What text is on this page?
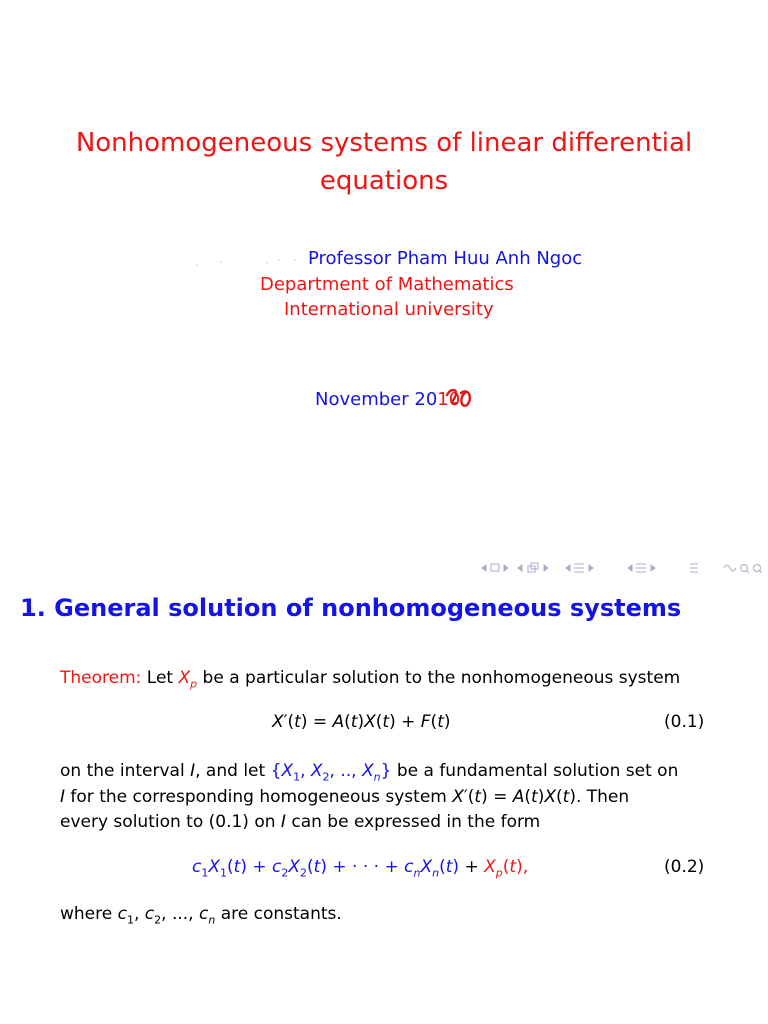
Nonhomogeneous systems of linear differential
equations
Professor Pham Huu Anh Ngoc
Department of Mathematics
International university
November 2010
1. General solution of nonhomogeneous systems
Theorem: Let $X_p$ be a particular solution to the nonhomogeneous system
X′(t) = A(t)X(t) + F(t)	(0.1)
on the interval I, and let {$X_1$, $X_2$, .., $X_n$} be a fundamental solution set on
I for the corresponding homogeneous system X′(t) = A(t)X(t). Then
every solution to (0.1) on I can be expressed in the form
$c_1X_1(t) + c_2X_2(t)$ + · · · + $c_nX_n(t) + X_p(t)$,	(0.2)
where $c_1$, $c_2$, ..., $c_n$ are constants.
